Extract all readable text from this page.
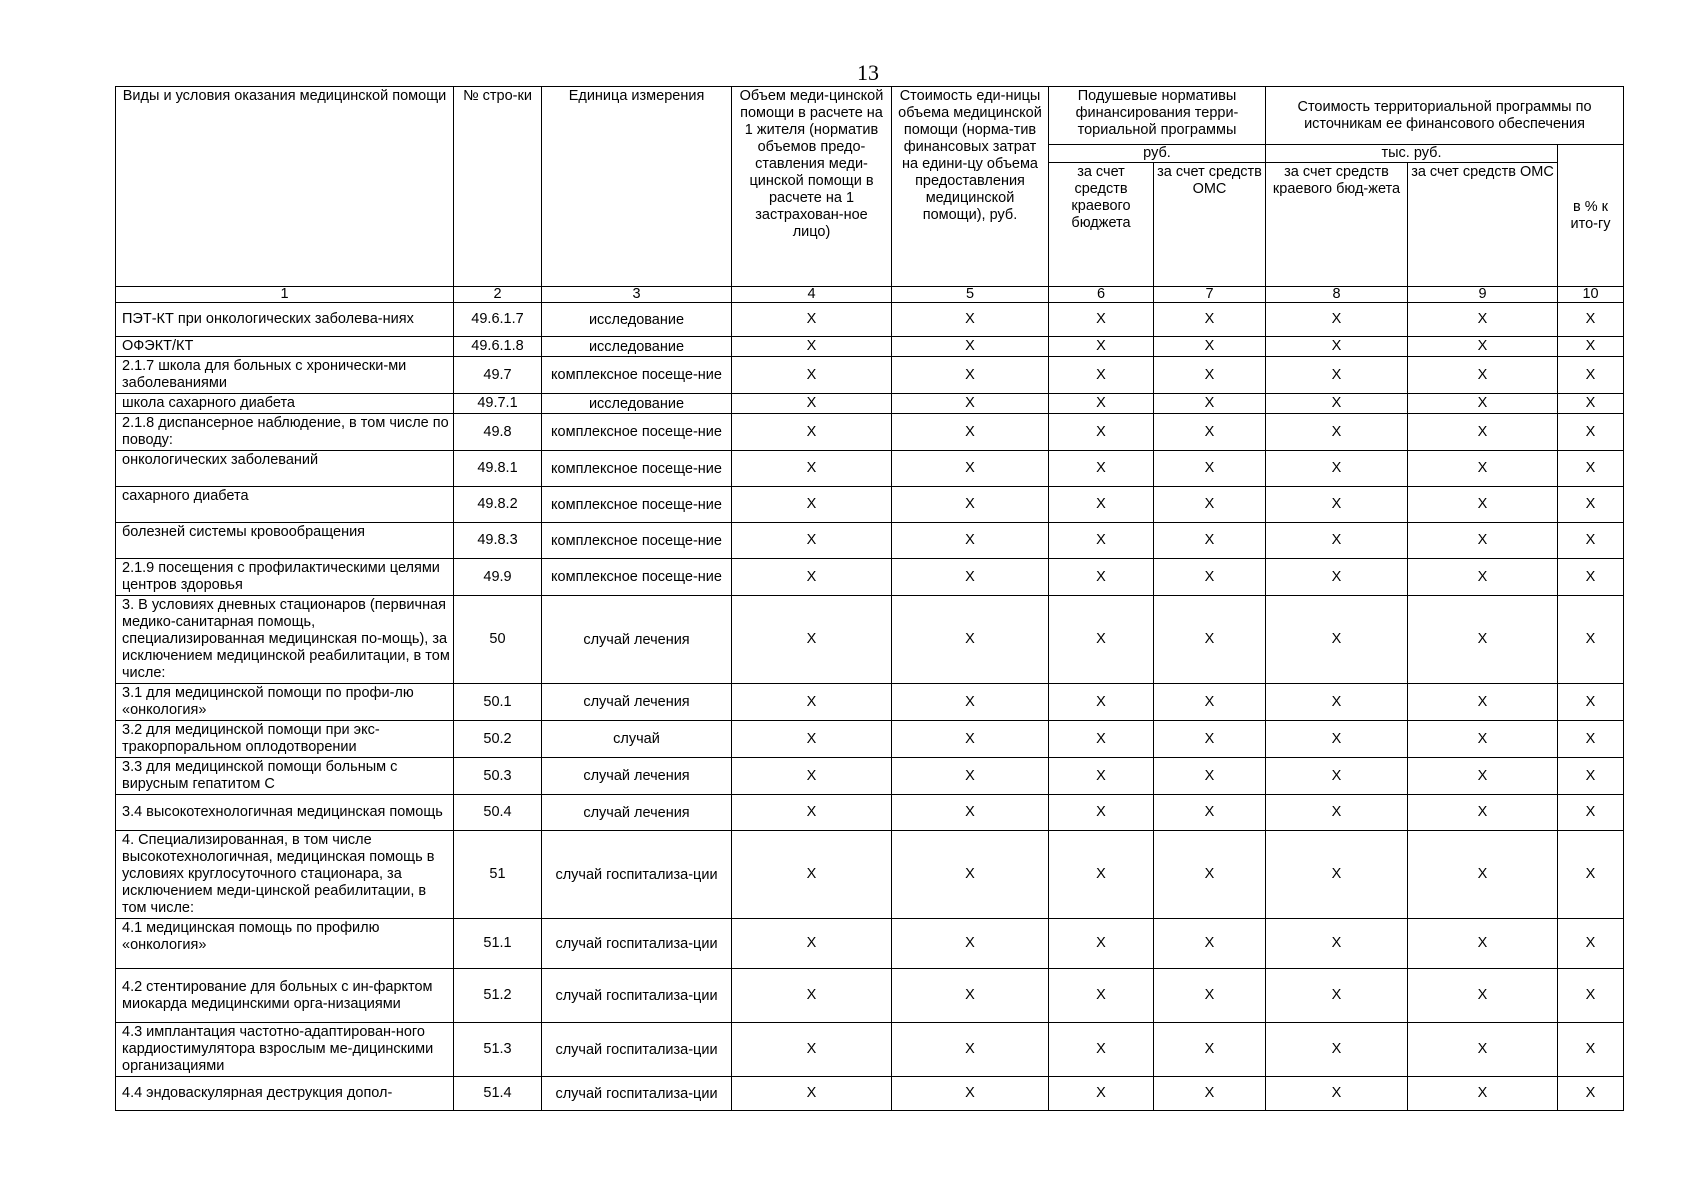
13
Виды и условия оказания медицинской помощи	№ стро-ки	Единица измерения	Объем меди-цинской помощи в расчете на 1 жителя (норматив объемов предо-ставления меди-цинской помощи в расчете на 1 застрахован-ное лицо)	Стоимость еди-ницы объема медицинской помощи (норма-тив финансовых затрат на едини-цу объема предоставления медицинской помощи), руб.	Подушевые нормативы финансирования терри-ториальной программы		Стоимость территориальной программы по источникам ее финансового обеспечения		
					руб.		тыс. руб.		в % к ито-гу
					за счет средств краевого бюджета	за счет средств ОМС	за счет средств краевого бюд-жета	за счет средств ОМС	
1	2	3	4	5	6	7	8	9	10
ПЭТ-КТ при онкологических заболева-ниях	49.6.1.7	исследование	X	X	X	X	X	X	X
ОФЭКТ/КТ	49.6.1.8	исследование	X	X	X	X	X	X	X
2.1.7 школа для больных с хронически-ми заболеваниями	49.7	комплексное посеще-ние	X	X	X	X	X	X	X
школа сахарного диабета	49.7.1	исследование	X	X	X	X	X	X	X
2.1.8 диспансерное наблюдение, в том числе по поводу:	49.8	комплексное посеще-ние	X	X	X	X	X	X	X
онкологических заболеваний	49.8.1	комплексное посеще-ние	X	X	X	X	X	X	X
сахарного диабета	49.8.2	комплексное посеще-ние	X	X	X	X	X	X	X
болезней системы кровообращения	49.8.3	комплексное посеще-ние	X	X	X	X	X	X	X
2.1.9 посещения с профилактическими целями центров здоровья	49.9	комплексное посеще-ние	X	X	X	X	X	X	X
3. В условиях дневных стационаров (первичная медико-санитарная помощь, специализированная медицинская по-мощь), за исключением медицинской реабилитации, в том числе:	50	случай лечения	X	X	X	X	X	X	X
3.1 для медицинской помощи по профи-лю «онкология»	50.1	случай лечения	X	X	X	X	X	X	X
3.2 для медицинской помощи при экс-тракорпоральном оплодотворении	50.2	случай	X	X	X	X	X	X	X
3.3 для медицинской помощи больным с вирусным гепатитом С	50.3	случай лечения	X	X	X	X	X	X	X
3.4 высокотехнологичная медицинская помощь	50.4	случай лечения	X	X	X	X	X	X	X
4. Специализированная, в том числе высокотехнологичная, медицинская помощь в условиях круглосуточного стационара, за исключением меди-цинской реабилитации, в том числе:	51	случай госпитализа-ции	X	X	X	X	X	X	X
4.1 медицинская помощь по профилю «онкология»	51.1	случай госпитализа-ции	X	X	X	X	X	X	X
4.2 стентирование для больных с ин-фарктом миокарда медицинскими орга-низациями	51.2	случай госпитализа-ции	X	X	X	X	X	X	X
4.3 имплантация частотно-адаптирован-ного кардиостимулятора взрослым ме-дицинскими организациями	51.3	случай госпитализа-ции	X	X	X	X	X	X	X
4.4 эндоваскулярная деструкция допол-	51.4	случай госпитализа-ции	X	X	X	X	X	X	X
